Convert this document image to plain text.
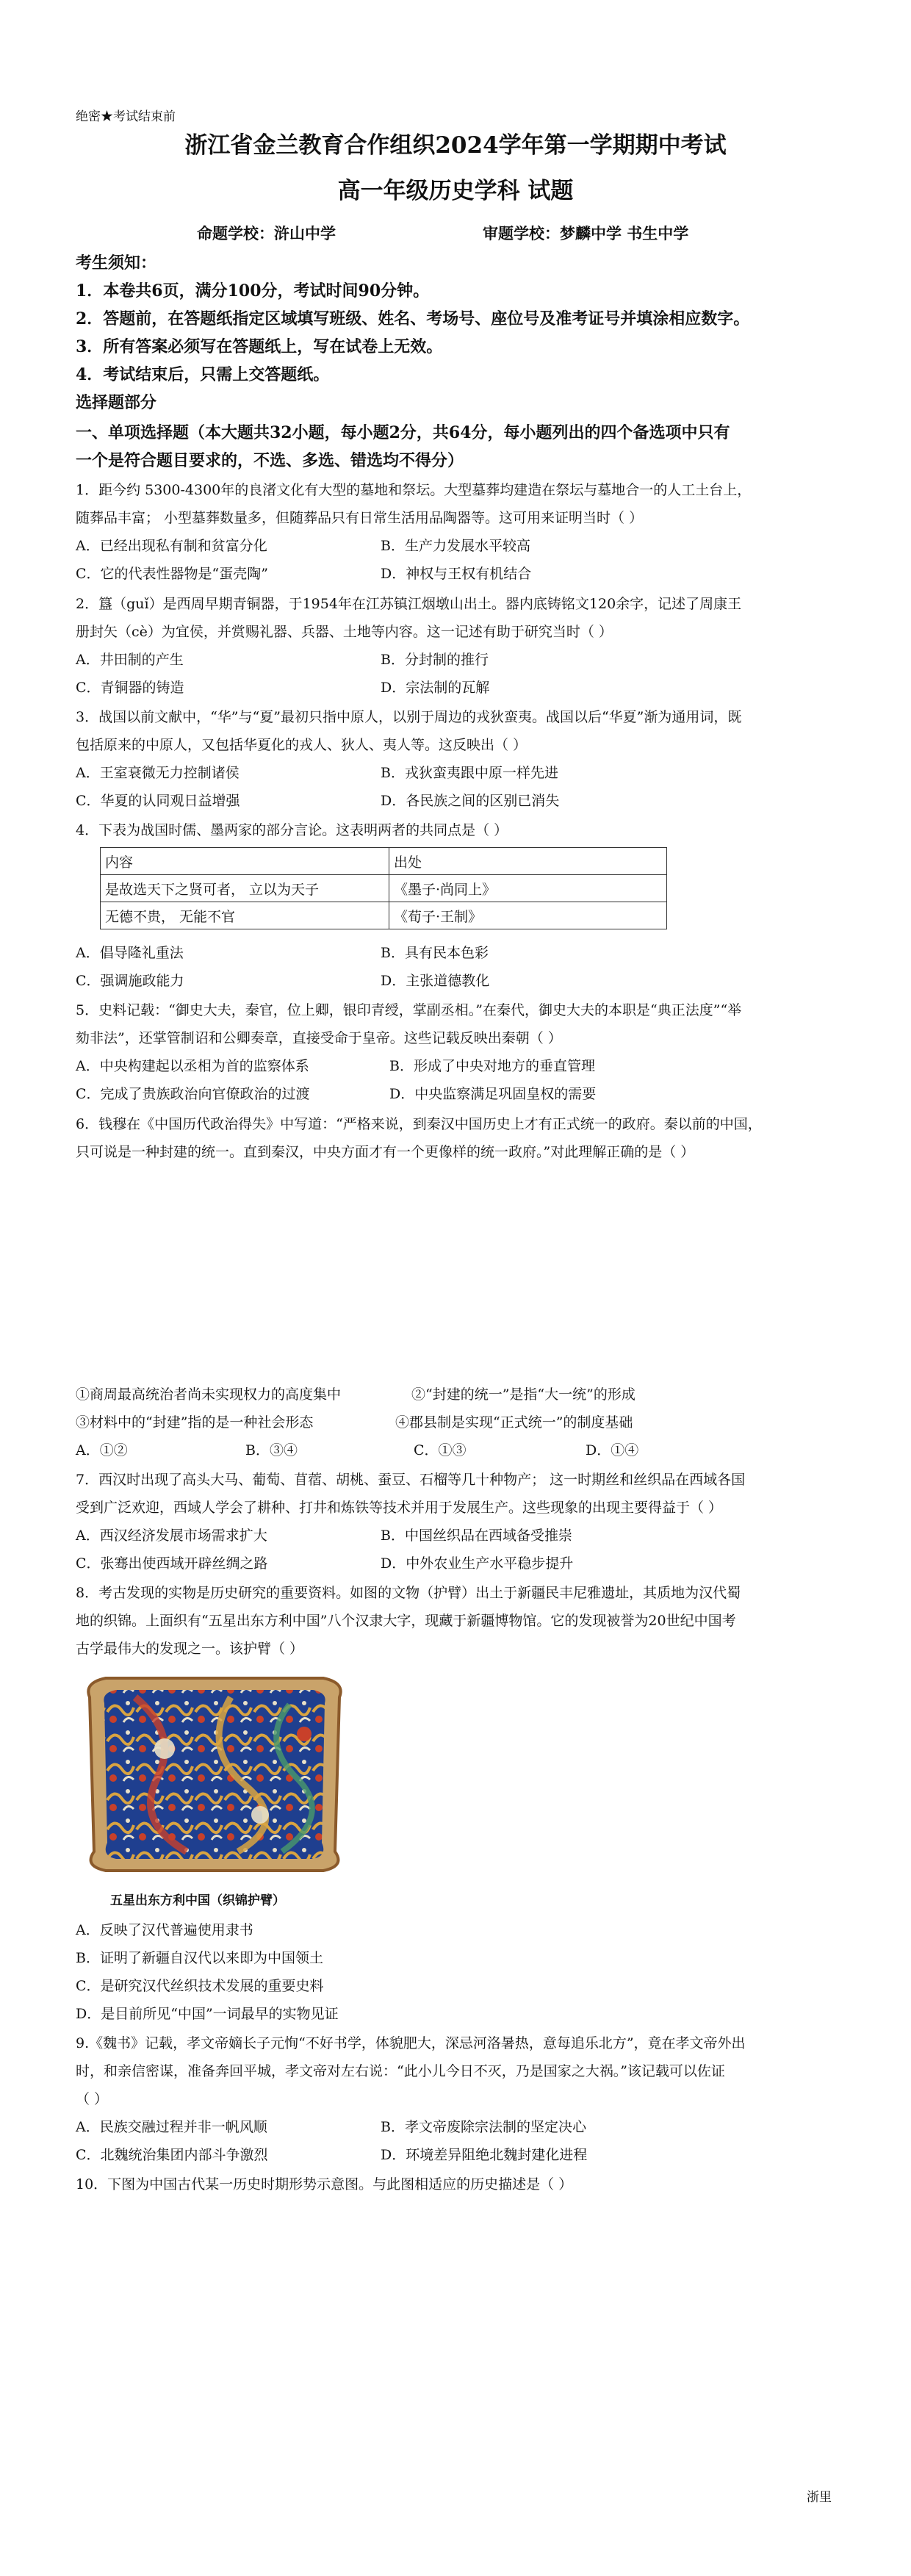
绝密★考试结束前
浙江省金兰教育合作组织2024学年第一学期期中考试
高一年级历史学科 试题
命题学校：浒山中学	审题学校：梦麟中学 书生中学
考生须知：
1．本卷共6页，满分100分，考试时间90分钟。
2．答题前，在答题纸指定区域填写班级、姓名、考场号、座位号及准考证号并填涂相应数字。
3．所有答案必须写在答题纸上，写在试卷上无效。
4．考试结束后，只需上交答题纸。
选择题部分
一、单项选择题（本大题共32小题，每小题2分，共64分，每小题列出的四个备选项中只有
一个是符合题目要求的，不选、多选、错选均不得分）
1．距今约 5300-4300年的良渚文化有大型的墓地和祭坛。大型墓葬均建造在祭坛与墓地合一的人工土台上，
随葬品丰富； 小型墓葬数量多，但随葬品只有日常生活用品陶器等。这可用来证明当时（ ）
A．已经出现私有制和贫富分化	B．生产力发展水平较高
C．它的代表性器物是“蛋壳陶”	D．神权与王权有机结合
2．簋（guǐ）是西周早期青铜器，于1954年在江苏镇江烟墩山出土。器内底铸铭文120余字，记述了周康王
册封矢（cè）为宜侯，并赏赐礼器、兵器、土地等内容。这一记述有助于研究当时（ ）
A．井田制的产生	B．分封制的推行
C．青铜器的铸造	D．宗法制的瓦解
3．战国以前文献中，“华”与“夏”最初只指中原人，以别于周边的戎狄蛮夷。战国以后“华夏”渐为通用词，既
包括原来的中原人，又包括华夏化的戎人、狄人、夷人等。这反映出（ ）
A．王室衰微无力控制诸侯	B．戎狄蛮夷跟中原一样先进
C．华夏的认同观日益增强	D．各民族之间的区别已消失
4．下表为战国时儒、墨两家的部分言论。这表明两者的共同点是（ ）
内容	出处
是故选天下之贤可者， 立以为天子	《墨子·尚同上》
无德不贵， 无能不官	《荀子·王制》
A．倡导隆礼重法	B．具有民本色彩
C．强调施政能力	D．主张道德教化
5．史料记载：“御史大夫，秦官，位上卿，银印青绶，掌副丞相。”在秦代，御史大夫的本职是“典正法度”“举
劾非法”，还掌管制诏和公卿奏章，直接受命于皇帝。这些记载反映出秦朝（ ）
A．中央构建起以丞相为首的监察体系	B．形成了中央对地方的垂直管理
C．完成了贵族政治向官僚政治的过渡	D．中央监察满足巩固皇权的需要
6．钱穆在《中国历代政治得失》中写道：“严格来说，到秦汉中国历史上才有正式统一的政府。秦以前的中国，
只可说是一种封建的统一。直到秦汉，中央方面才有一个更像样的统一政府。”对此理解正确的是（ ）
①商周最高统治者尚未实现权力的高度集中	②“封建的统一”是指“大一统”的形成
③材料中的“封建”指的是一种社会形态	④郡县制是实现“正式统一”的制度基础
A．①②	B．③④	C．①③	D．①④
7．西汉时出现了高头大马、葡萄、苜蓿、胡桃、蚕豆、石榴等几十种物产； 这一时期丝和丝织品在西域各国
受到广泛欢迎，西域人学会了耕种、打井和炼铁等技术并用于发展生产。这些现象的出现主要得益于（ ）
A．西汉经济发展市场需求扩大	B．中国丝织品在西域备受推崇
C．张骞出使西域开辟丝绸之路	D．中外农业生产水平稳步提升
8．考古发现的实物是历史研究的重要资料。如图的文物（护臂）出土于新疆民丰尼雅遗址，其质地为汉代蜀
地的织锦。上面织有“五星出东方利中国”八个汉隶大字，现藏于新疆博物馆。它的发现被誉为20世纪中国考
古学最伟大的发现之一。该护臂（ ）
五星出东方利中国（织锦护臂）
A．反映了汉代普遍使用隶书
B．证明了新疆自汉代以来即为中国领土
C．是研究汉代丝织技术发展的重要史料
D．是目前所见“中国”一词最早的实物见证
9.《魏书》记载，孝文帝嫡长子元恂“不好书学，体貌肥大，深忌河洛暑热，意每追乐北方”，竟在孝文帝外出
时，和亲信密谋，准备奔回平城，孝文帝对左右说：“此小儿今日不灭，乃是国家之大祸。”该记载可以佐证
（ ）
A．民族交融过程并非一帆风顺	B．孝文帝废除宗法制的坚定决心
C．北魏统治集团内部斗争激烈	D．环境差异阻绝北魏封建化进程
10．下图为中国古代某一历史时期形势示意图。与此图相适应的历史描述是（ ）
浙里
